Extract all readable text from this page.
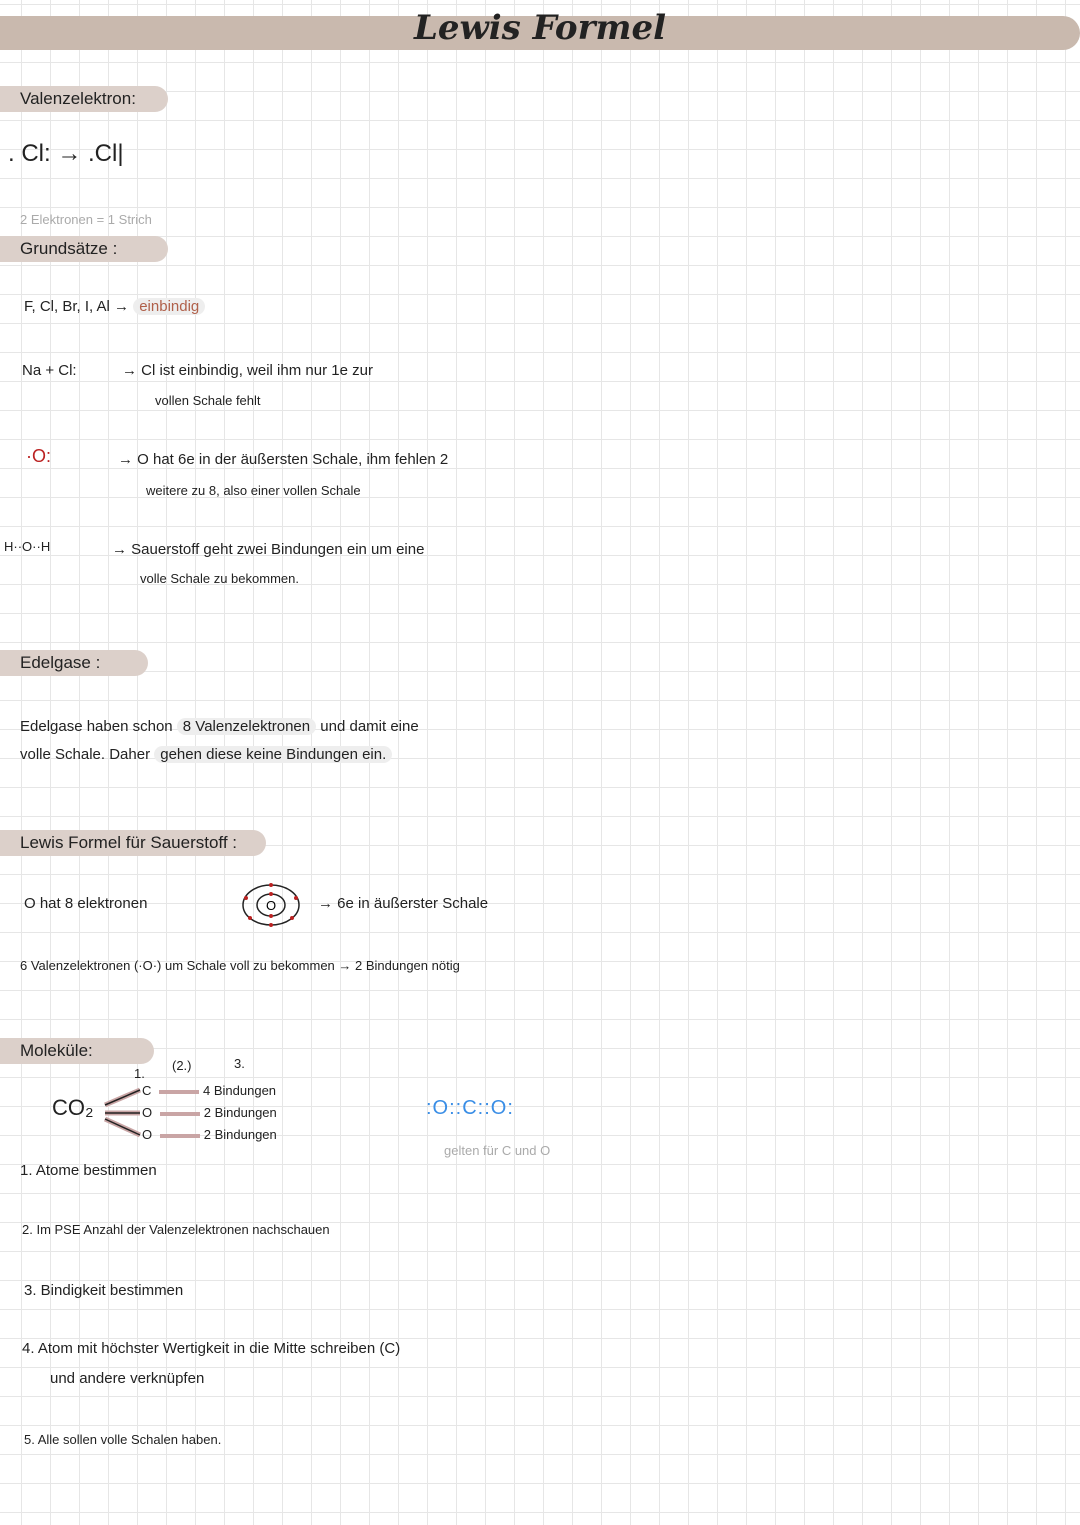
Lewis Formel
Valenzelektron:
. Cl: → .Cl|
2 Elektronen = 1 Strich
Grundsätze :
F, Cl, Br, I, Al → einbindig
Na + Cl:	→ Cl ist einbindig, weil ihm nur 1e zur
vollen Schale fehlt
·O:	→ O hat 6e in der äußersten Schale, ihm fehlen 2
weitere zu 8, also einer vollen Schale
H··O··H	→ Sauerstoff geht zwei Bindungen ein um eine
volle Schale zu bekommen.
Edelgase :
Edelgase haben schon 8 Valenzelektronen und damit eine
volle Schale. Daher gehen diese keine Bindungen ein.
Lewis Formel für Sauerstoff :
O hat 8 elektronen	O	→ 6e in äußerster Schale
6 Valenzelektronen (·O·) um Schale voll zu bekommen → 2 Bindungen nötig
Moleküle:
CO₂
1.
(2.)	3.
C	4 Bindungen
O	2 Bindungen
O	2 Bindungen
:O::C::O:
gelten für C und O
1. Atome bestimmen
2. Im PSE Anzahl der Valenzelektronen nachschauen
3. Bindigkeit bestimmen
4. Atom mit höchster Wertigkeit in die Mitte schreiben (C)
und andere verknüpfen
5. Alle sollen volle Schalen haben.
